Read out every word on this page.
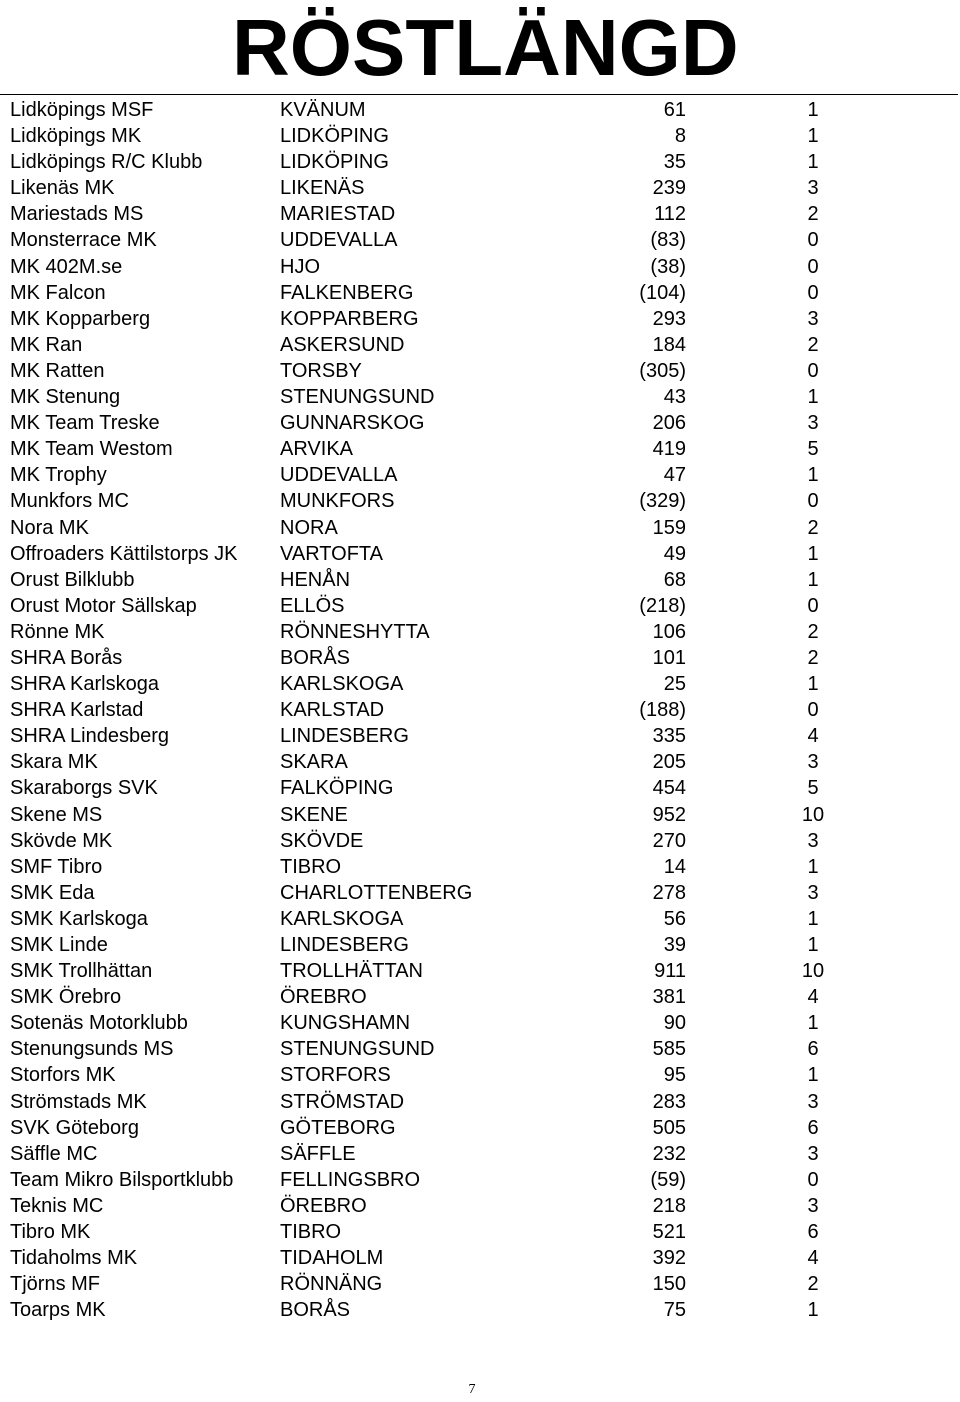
RÖSTLÄNGD
Lidköpings MSF	KVÄNUM	61	1
Lidköpings MK	LIDKÖPING	8	1
Lidköpings R/C Klubb	LIDKÖPING	35	1
Likenäs MK	LIKENÄS	239	3
Mariestads MS	MARIESTAD	112	2
Monsterrace MK	UDDEVALLA	(83)	0
MK 402M.se	HJO	(38)	0
MK Falcon	FALKENBERG	(104)	0
MK Kopparberg	KOPPARBERG	293	3
MK Ran	ASKERSUND	184	2
MK Ratten	TORSBY	(305)	0
MK Stenung	STENUNGSUND	43	1
MK Team Treske	GUNNARSKOG	206	3
MK Team Westom	ARVIKA	419	5
MK Trophy	UDDEVALLA	47	1
Munkfors MC	MUNKFORS	(329)	0
Nora MK	NORA	159	2
Offroaders Kättilstorps JK VARTOFTA	49	1
Orust Bilklubb	HENÅN	68	1
Orust Motor Sällskap	ELLÖS	(218)	0
Rönne MK	RÖNNESHYTTA	106	2
SHRA Borås	BORÅS	101	2
SHRA Karlskoga	KARLSKOGA	25	1
SHRA Karlstad	KARLSTAD	(188)	0
SHRA Lindesberg	LINDESBERG	335	4
Skara MK	SKARA	205	3
Skaraborgs SVK	FALKÖPING	454	5
Skene MS	SKENE	952	10
Skövde MK	SKÖVDE	270	3
SMF Tibro	TIBRO	14	1
SMK Eda	CHARLOTTENBERG	278	3
SMK Karlskoga	KARLSKOGA	56	1
SMK Linde	LINDESBERG	39	1
SMK Trollhättan	TROLLHÄTTAN	911	10
SMK Örebro	ÖREBRO	381	4
Sotenäs Motorklubb	KUNGSHAMN	90	1
Stenungsunds MS	STENUNGSUND	585	6
Storfors MK	STORFORS	95	1
Strömstads MK	STRÖMSTAD	283	3
SVK Göteborg	GÖTEBORG	505	6
Säffle MC	SÄFFLE	232	3
Team Mikro Bilsportklubb FELLINGSBRO	(59)	0
Teknis MC	ÖREBRO	218	3
Tibro MK	TIBRO	521	6
Tidaholms MK	TIDAHOLM	392	4
Tjörns MF	RÖNNÄNG	150	2
Toarps MK	BORÅS	75	1
7
